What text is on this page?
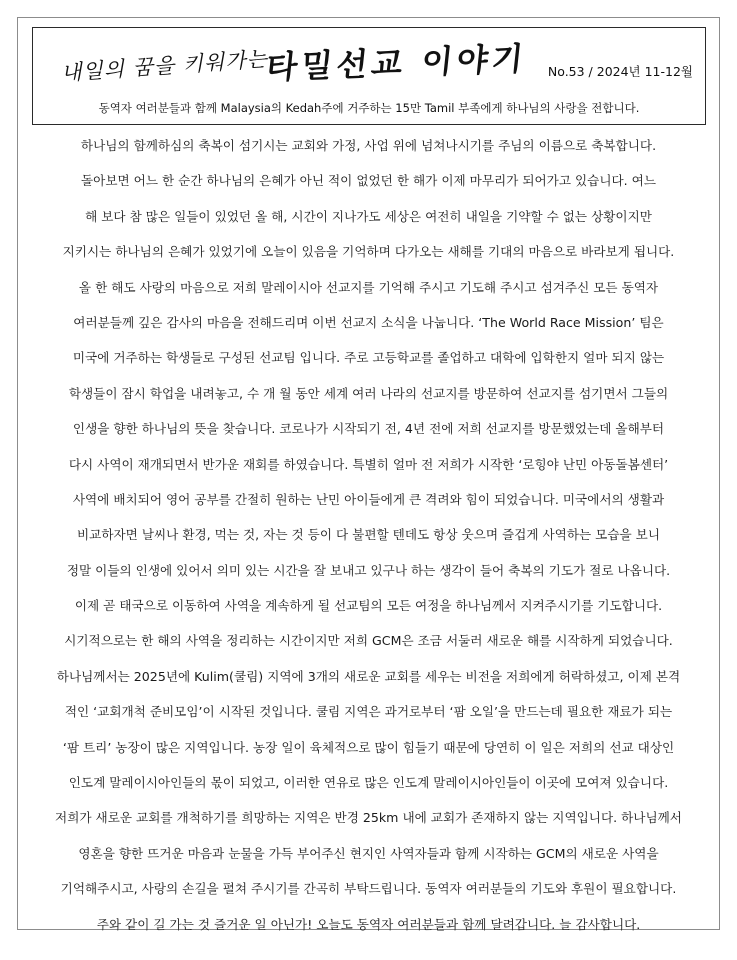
내일의 꿈을 키워가는
타밀선교 이야기 No.53 / 2024년 11-12월
동역자 여러분들과 함께 Malaysia의 Kedah주에 거주하는 15만 Tamil 부족에게 하나님의 사랑을 전합니다.
하나님의 함께하심의 축복이 섬기시는 교회와 가정, 사업 위에 넘쳐나시기를 주님의 이름으로 축복합니다.
돌아보면 어느 한 순간 하나님의 은혜가 아닌 적이 없었던 한 해가 이제 마무리가 되어가고 있습니다. 여느
해 보다 참 많은 일들이 있었던 올 해, 시간이 지나가도 세상은 여전히 내일을 기약할 수 없는 상황이지만
지키시는 하나님의 은혜가 있었기에 오늘이 있음을 기억하며 다가오는 새해를 기대의 마음으로 바라보게 됩니다.
올 한 해도 사랑의 마음으로 저희 말레이시아 선교지를 기억해 주시고 기도해 주시고 섬겨주신 모든 동역자
여러분들께 깊은 감사의 마음을 전해드리며 이번 선교지 소식을 나눕니다. ‘The World Race Mission’ 팀은
미국에 거주하는 학생들로 구성된 선교팀 입니다. 주로 고등학교를 졸업하고 대학에 입학한지 얼마 되지 않는
학생들이 잠시 학업을 내려놓고, 수 개 월 동안 세계 여러 나라의 선교지를 방문하여 선교지를 섬기면서 그들의
인생을 향한 하나님의 뜻을 찾습니다. 코로나가 시작되기 전, 4년 전에 저희 선교지를 방문했었는데 올해부터
다시 사역이 재개되면서 반가운 재회를 하였습니다. 특별히 얼마 전 저희가 시작한 ‘로힝야 난민 아동돌봄센터’
사역에 배치되어 영어 공부를 간절히 원하는 난민 아이들에게 큰 격려와 힘이 되었습니다. 미국에서의 생활과
비교하자면 날씨나 환경, 먹는 것, 자는 것 등이 다 불편할 텐데도 항상 웃으며 즐겁게 사역하는 모습을 보니
정말 이들의 인생에 있어서 의미 있는 시간을 잘 보내고 있구나 하는 생각이 들어 축복의 기도가 절로 나옵니다.
이제 곧 태국으로 이동하여 사역을 계속하게 될 선교팀의 모든 여정을 하나님께서 지켜주시기를 기도합니다.
시기적으로는 한 해의 사역을 정리하는 시간이지만 저희 GCM은 조금 서둘러 새로운 해를 시작하게 되었습니다.
하나님께서는 2025년에 Kulim(쿨림) 지역에 3개의 새로운 교회를 세우는 비전을 저희에게 허락하셨고, 이제 본격
적인 ‘교회개척 준비모임’이 시작된 것입니다. 쿨림 지역은 과거로부터 ‘팜 오일’을 만드는데 필요한 재료가 되는
‘팜 트리’ 농장이 많은 지역입니다. 농장 일이 육체적으로 많이 힘들기 때문에 당연히 이 일은 저희의 선교 대상인
인도계 말레이시아인들의 몫이 되었고, 이러한 연유로 많은 인도계 말레이시아인들이 이곳에 모여져 있습니다.
저희가 새로운 교회를 개척하기를 희망하는 지역은 반경 25km 내에 교회가 존재하지 않는 지역입니다. 하나님께서
영혼을 향한 뜨거운 마음과 눈물을 가득 부어주신 현지인 사역자들과 함께 시작하는 GCM의 새로운 사역을
기억해주시고, 사랑의 손길을 펼쳐 주시기를 간곡히 부탁드립니다. 동역자 여러분들의 기도와 후원이 필요합니다.
주와 같이 길 가는 것 즐거운 일 아닌가! 오늘도 동역자 여러분들과 함께 달려갑니다. 늘 감사합니다.
